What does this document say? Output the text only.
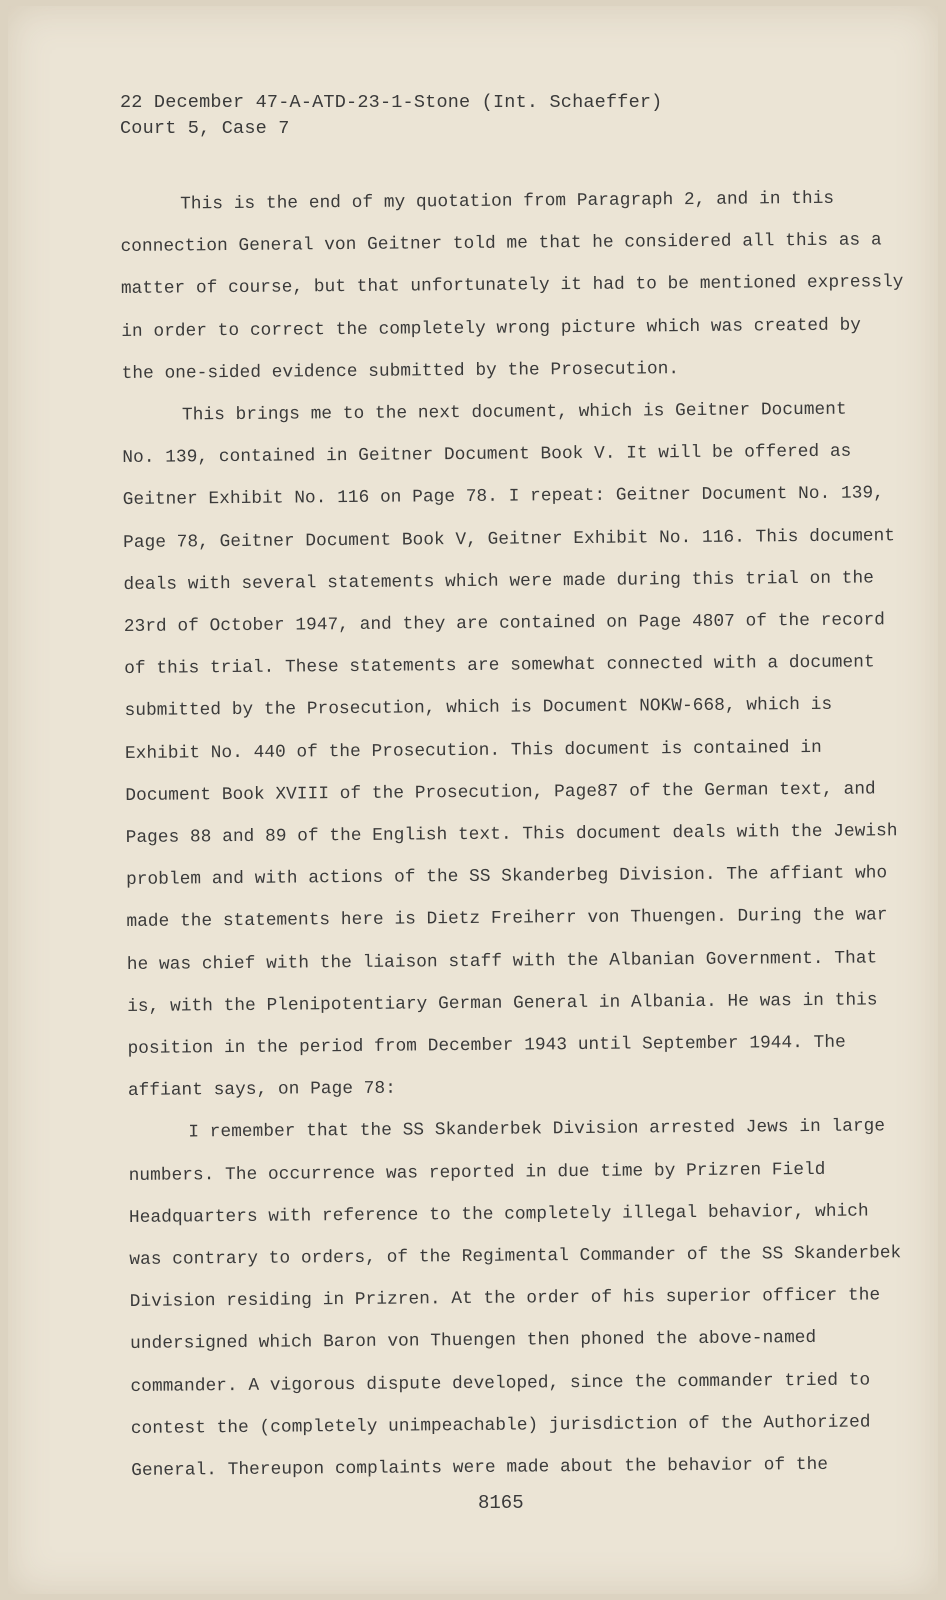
22 December 47-A-ATD-23-1-Stone (Int. Schaeffer)
Court 5, Case 7

This is the end of my quotation from Paragraph 2, and in this
connection General von Geitner told me that he considered all this as a
matter of course, but that unfortunately it had to be mentioned expressly
in order to correct the completely wrong picture which was created by
the one-sided evidence submitted by the Prosecution.

This brings me to the next document, which is Geitner Document
No. 139, contained in Geitner Document Book V. It will be offered as
Geitner Exhibit No. 116 on Page 78. I repeat: Geitner Document No. 139,
Page 78, Geitner Document Book V, Geitner Exhibit No. 116. This document
deals with several statements which were made during this trial on the
23rd of October 1947, and they are contained on Page 4807 of the record
of this trial. These statements are somewhat connected with a document
submitted by the Prosecution, which is Document NOKW-668, which is
Exhibit No. 440 of the Prosecution. This document is contained in
Document Book XVIII of the Prosecution, Page87 of the German text, and
Pages 88 and 89 of the English text. This document deals with the Jewish
problem and with actions of the SS Skanderbeg Division. The affiant who
made the statements here is Dietz Freiherr von Thuengen. During the war
he was chief with the liaison staff with the Albanian Government. That
is, with the Plenipotentiary German General in Albania. He was in this
position in the period from December 1943 until September 1944. The
affiant says, on Page 78:

I remember that the SS Skanderbek Division arrested Jews in large
numbers. The occurrence was reported in due time by Prizren Field
Headquarters with reference to the completely illegal behavior, which
was contrary to orders, of the Regimental Commander of the SS Skanderbek
Division residing in Prizren. At the order of his superior officer the
undersigned which Baron von Thuengen then phoned the above-named
commander. A vigorous dispute developed, since the commander tried to
contest the (completely unimpeachable) jurisdiction of the Authorized
General. Thereupon complaints were made about the behavior of the

8165
